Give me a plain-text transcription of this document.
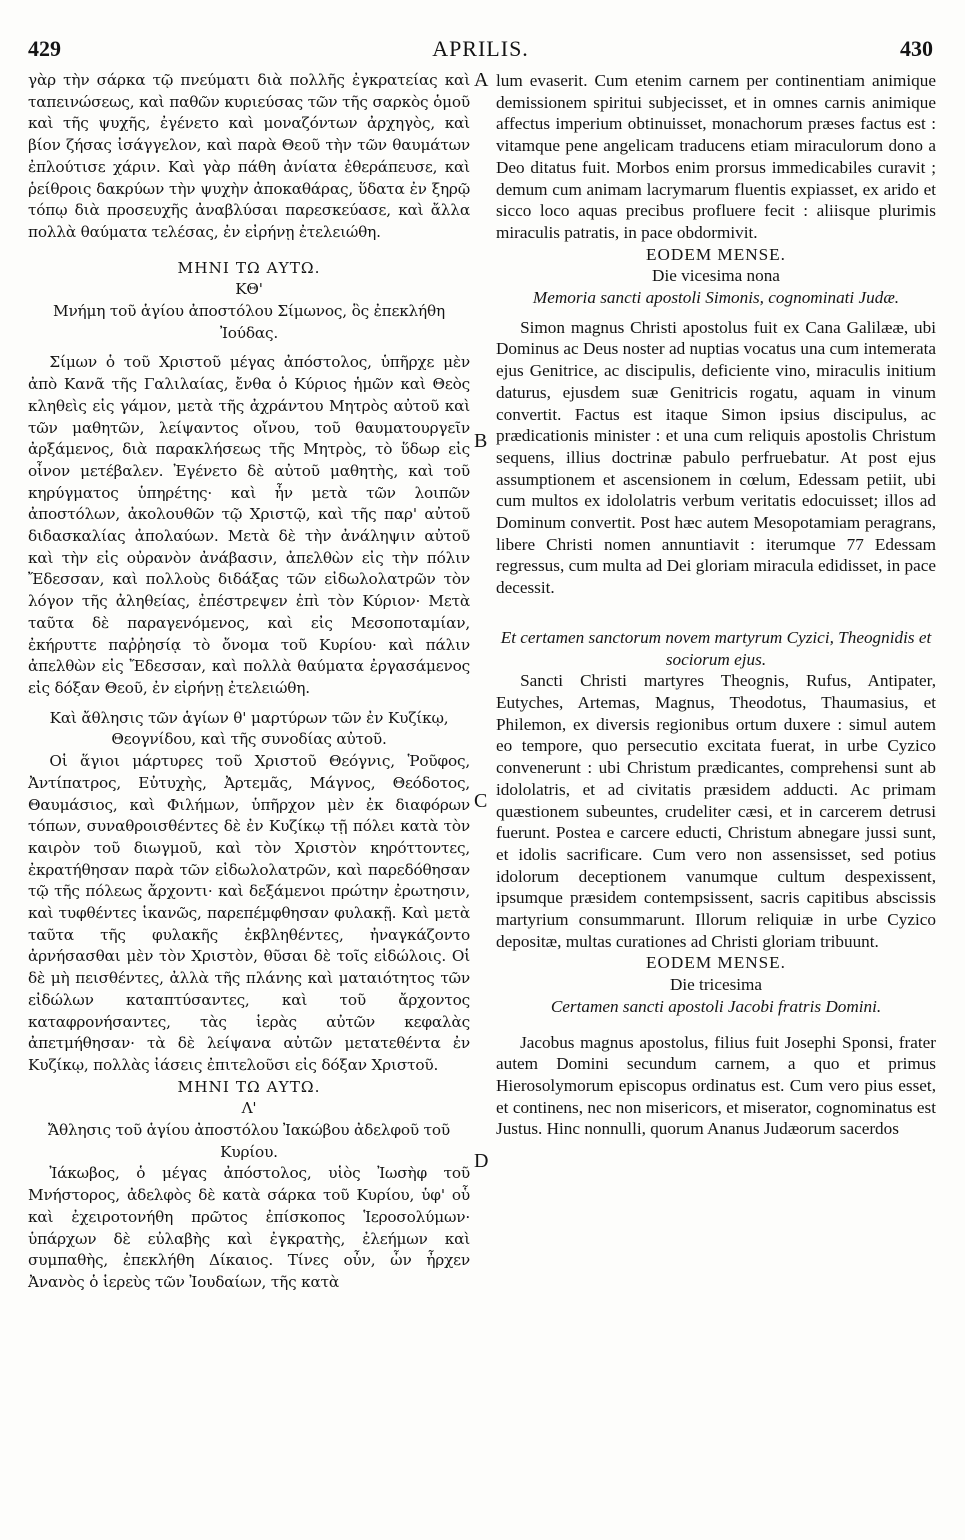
429	APRILIS.	430

γὰρ τὴν σάρκα τῷ πνεύματι διὰ πολλῆς ἐγκρατείας καὶ ταπεινώσεως, καὶ παθῶν κυριεύσας τῶν τῆς σαρκὸς ὁμοῦ καὶ τῆς ψυχῆς, ἐγένετο καὶ μοναζόντων ἀρχηγὸς, καὶ βίον ζήσας ἰσάγγελον, καὶ παρὰ Θεοῦ τὴν τῶν θαυμάτων ἐπλούτισε χάριν. Καὶ γὰρ πάθη ἀνίατα ἐθεράπευσε, καὶ ῥείθροις δακρύων τὴν ψυχὴν ἀποκαθάρας, ὕδατα ἐν ξηρῷ τόπῳ διὰ προσευχῆς ἀναβλύσαι παρεσκεύασε, καὶ ἄλλα πολλὰ θαύματα τελέσας, ἐν εἰρήνῃ ἐτελειώθη.

ΜΗΝΙ ΤΩ ΑΥΤΩ.

ΚΘ'

Μνήμη τοῦ ἁγίου ἀποστόλου Σίμωνος, ὃς ἐπεκλήθη Ἰούδας.

Σίμων ὁ τοῦ Χριστοῦ μέγας ἀπόστολος, ὑπῆρχε μὲν ἀπὸ Κανᾶ τῆς Γαλιλαίας, ἔνθα ὁ Κύριος ἡμῶν καὶ Θεὸς κληθεὶς εἰς γάμον, μετὰ τῆς ἀχράντου Μητρὸς αὐτοῦ καὶ τῶν μαθητῶν, λείψαντος οἴνου, τοῦ θαυματουργεῖν ἀρξάμενος, διὰ παρακλήσεως τῆς Μητρὸς, τὸ ὕδωρ εἰς οἶνον μετέβαλεν. Ἐγένετο δὲ αὐτοῦ μαθητὴς, καὶ τοῦ κηρύγματος ὑπηρέτης· καὶ ἦν μετὰ τῶν λοιπῶν ἀποστόλων, ἀκολουθῶν τῷ Χριστῷ, καὶ τῆς παρ' αὐτοῦ διδασκαλίας ἀπολαύων. Μετὰ δὲ τὴν ἀνάληψιν αὐτοῦ καὶ τὴν εἰς οὐρανὸν ἀνάβασιν, ἀπελθὼν εἰς τὴν πόλιν Ἔδεσσαν, καὶ πολλοὺς διδάξας τῶν εἰδωλολατρῶν τὸν λόγον τῆς ἀληθείας, ἐπέστρεψεν ἐπὶ τὸν Κύριον· Μετὰ ταῦτα δὲ παραγενόμενος, καὶ εἰς Μεσοποταμίαν, ἐκήρυττε παῤῥησίᾳ τὸ ὄνομα τοῦ Κυρίου· καὶ πάλιν ἀπελθὼν εἰς Ἔδεσσαν, καὶ πολλὰ θαύματα ἐργασάμενος εἰς δόξαν Θεοῦ, ἐν εἰρήνῃ ἐτελειώθη.

Καὶ ἄθλησις τῶν ἁγίων θ' μαρτύρων τῶν ἐν Κυζίκῳ, Θεογνίδου, καὶ τῆς συνοδίας αὐτοῦ.

Οἱ ἅγιοι μάρτυρες τοῦ Χριστοῦ Θεόγνις, Ῥοῦφος, Ἀντίπατρος, Εὐτυχὴς, Ἀρτεμᾶς, Μάγνος, Θεόδοτος, Θαυμάσιος, καὶ Φιλήμων, ὑπῆρχον μὲν ἐκ διαφόρων τόπων, συναθροισθέντες δὲ ἐν Κυζίκῳ τῇ πόλει κατὰ τὸν καιρὸν τοῦ διωγμοῦ, καὶ τὸν Χριστὸν κηρόττοντες, ἐκρατήθησαν παρὰ τῶν εἰδωλολατρῶν, καὶ παρεδόθησαν τῷ τῆς πόλεως ἄρχοντι· καὶ δεξάμενοι πρώτην ἐρωτησιν, καὶ τυφθέντες ἱκανῶς, παρεπέμφθησαν φυλακῇ. Καὶ μετὰ ταῦτα τῆς φυλακῆς ἐκβληθέντες, ἠναγκάζοντο ἀρνήσασθαι μὲν τὸν Χριστὸν, θῦσαι δὲ τοῖς εἰδώλοις. Οἱ δὲ μὴ πεισθέντες, ἀλλὰ τῆς πλάνης καὶ ματαιότητος τῶν εἰδώλων καταπτύσαντες, καὶ τοῦ ἄρχοντος καταφρονήσαντες, τὰς ἱερὰς αὐτῶν κεφαλὰς ἀπετμήθησαν· τὰ δὲ λείψανα αὐτῶν μετατεθέντα ἐν Κυζίκῳ, πολλὰς ἰάσεις ἐπιτελοῦσι εἰς δόξαν Χριστοῦ.

ΜΗΝΙ ΤΩ ΑΥΤΩ.

Λ'

Ἄθλησις τοῦ ἁγίου ἀποστόλου Ἰακώβου ἀδελφοῦ τοῦ Κυρίου.

Ἰάκωβος, ὁ μέγας ἀπόστολος, υἱὸς Ἰωσὴφ τοῦ Μνήστορος, ἀδελφὸς δὲ κατὰ σάρκα τοῦ Κυρίου, ὑφ' οὗ καὶ ἐχειροτονήθη πρῶτος ἐπίσκοπος Ἱεροσολύμων· ὑπάρχων δὲ εὐλαβὴς καὶ ἐγκρατὴς, ἐλεήμων καὶ συμπαθὴς, ἐπεκλήθη Δίκαιος. Τίνες οὖν, ὧν ἦρχεν Ἀνανὸς ὁ ἱερεὺς τῶν Ἰουδαίων, τῆς κατὰ

lum evaserit. Cum etenim carnem per continentiam animique demissionem spiritui subjecisset, et in omnes carnis animique affectus imperium obtinuisset, monachorum præses factus est : vitamque pene angelicam traducens etiam miraculorum dono a Deo ditatus fuit. Morbos enim prorsus immedicabiles curavit ; demum cum animam lacrymarum fluentis expiasset, ex arido et sicco loco aquas precibus profluere fecit : aliisque plurimis miraculis patratis, in pace obdormivit.

EODEM MENSE.

Die vicesima nona

Memoria sancti apostoli Simonis, cognominati Judæ.

Simon magnus Christi apostolus fuit ex Cana Galilææ, ubi Dominus ac Deus noster ad nuptias vocatus una cum intemerata ejus Genitrice, ac discipulis, deficiente vino, miraculis initium daturus, ejusdem suæ Genitricis rogatu, aquam in vinum convertit. Factus est itaque Simon ipsius discipulus, ac prædicationis minister : et una cum reliquis apostolis Christum sequens, illius doctrinæ pabulo perfruebatur. At post ejus assumptionem et ascensionem in cœlum, Edessam petiit, ubi cum multos ex idololatris verbum veritatis edocuisset; illos ad Dominum convertit. Post hæc autem Mesopotamiam peragrans, libere Christi nomen annuntiavit : iterumque 77 Edessam regressus, cum multa ad Dei gloriam miracula edidisset, in pace decessit.

Et certamen sanctorum novem martyrum Cyzici, Theognidis et sociorum ejus.

Sancti Christi martyres Theognis, Rufus, Antipater, Eutyches, Artemas, Magnus, Theodotus, Thaumasius, et Philemon, ex diversis regionibus ortum duxere : simul autem eo tempore, quo persecutio excitata fuerat, in urbe Cyzico convenerunt : ubi Christum prædicantes, comprehensi sunt ab idololatris, et ad civitatis præsidem adducti. Ac primam quæstionem subeuntes, crudeliter cæsi, et in carcerem detrusi fuerunt. Postea e carcere educti, Christum abnegare jussi sunt, et idolis sacrificare. Cum vero non assensisset, sed potius idolorum deceptionem vanumque cultum despexissent, ipsumque præsidem contempsissent, sacris capitibus abscissis martyrium consummarunt. Illorum reliquiæ in urbe Cyzico depositæ, multas curationes ad Christi gloriam tribuunt.

EODEM MENSE.

Die tricesima

Certamen sancti apostoli Jacobi fratris Domini.

Jacobus magnus apostolus, filius fuit Josephi Sponsi, frater autem Domini secundum carnem, a quo et primus Hierosolymorum episcopus ordinatus est. Cum vero pius esset, et continens, nec non misericors, et miserator, cognominatus est Justus. Hinc nonnulli, quorum Ananus Judæorum sacerdos

A
B
C
D
